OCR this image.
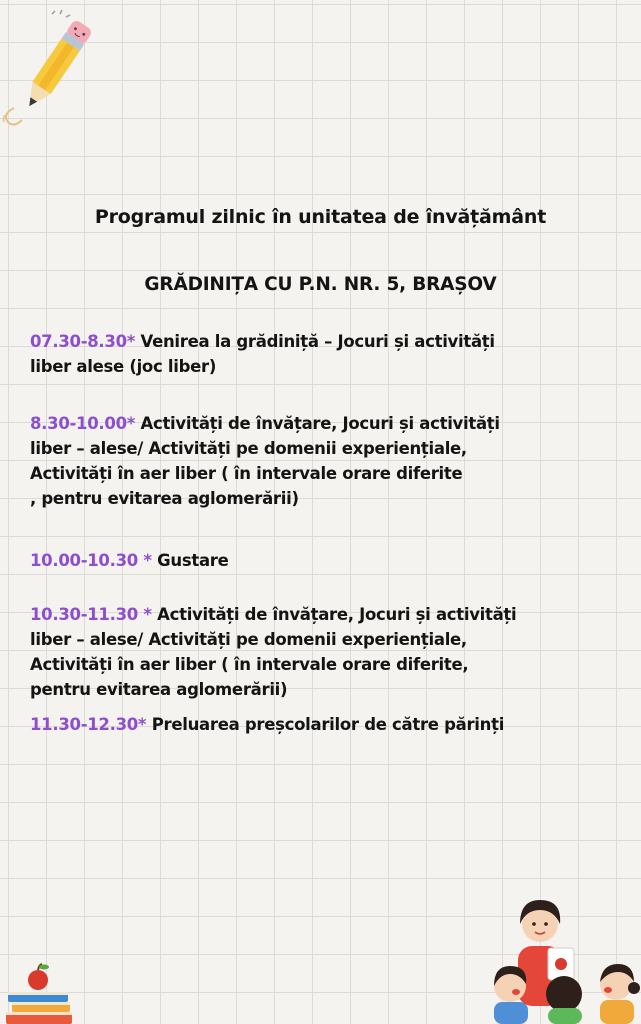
Programul zilnic în unitatea de învățământ
GRĂDINIȚA CU P.N. NR. 5, BRAȘOV
07.30-8.30* Venirea la grădiniță – Jocuri și activități
liber alese (joc liber)
8.30-10.00* Activități de învățare, Jocuri și activități
liber – alese/ Activități pe domenii experiențiale,
Activități în aer liber ( în intervale orare diferite
, pentru evitarea aglomerării)
10.00-10.30 * Gustare
10.30-11.30 * Activități de învățare, Jocuri și activități
liber – alese/ Activități pe domenii experiențiale,
Activități în aer liber ( în intervale orare diferite,
pentru evitarea aglomerării)
11.30-12.30* Preluarea preșcolarilor de către părinți
